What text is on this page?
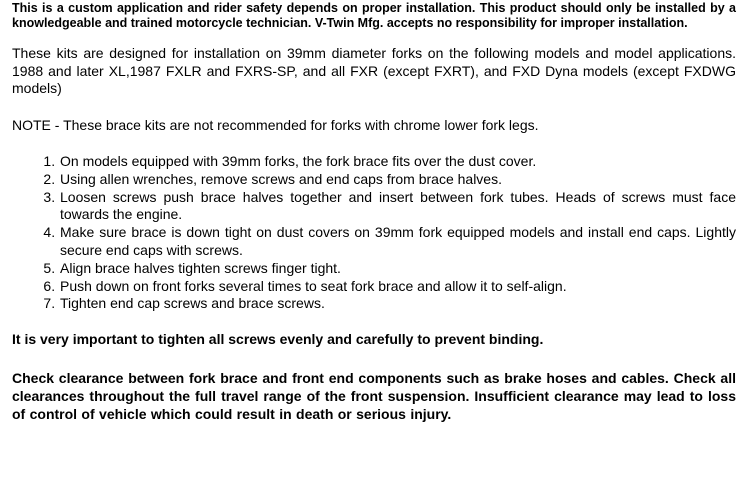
This is a custom application and rider safety depends on proper installation. This product should only be installed by a knowledgeable and trained motorcycle technician. V-Twin Mfg. accepts no responsibility for improper installation.

These kits are designed for installation on 39mm diameter forks on the following models and model applications. 1988 and later XL,1987 FXLR and FXRS-SP, and all FXR (except FXRT), and FXD Dyna models (except FXDWG models)

NOTE - These brace kits are not recommended for forks with chrome lower fork legs.

1. On models equipped with 39mm forks, the fork brace fits over the dust cover.
2. Using allen wrenches, remove screws and end caps from brace halves.
3. Loosen screws push brace halves together and insert between fork tubes. Heads of screws must face towards the engine.
4. Make sure brace is down tight on dust covers on 39mm fork equipped models and install end caps. Lightly secure end caps with screws.
5. Align brace halves tighten screws finger tight.
6. Push down on front forks several times to seat fork brace and allow it to self-align.
7. Tighten end cap screws and brace screws.

It is very important to tighten all screws evenly and carefully to prevent binding.

Check clearance between fork brace and front end components such as brake hoses and cables. Check all clearances throughout the full travel range of the front suspension. Insufficient clearance may lead to loss of control of vehicle which could result in death or serious injury.
